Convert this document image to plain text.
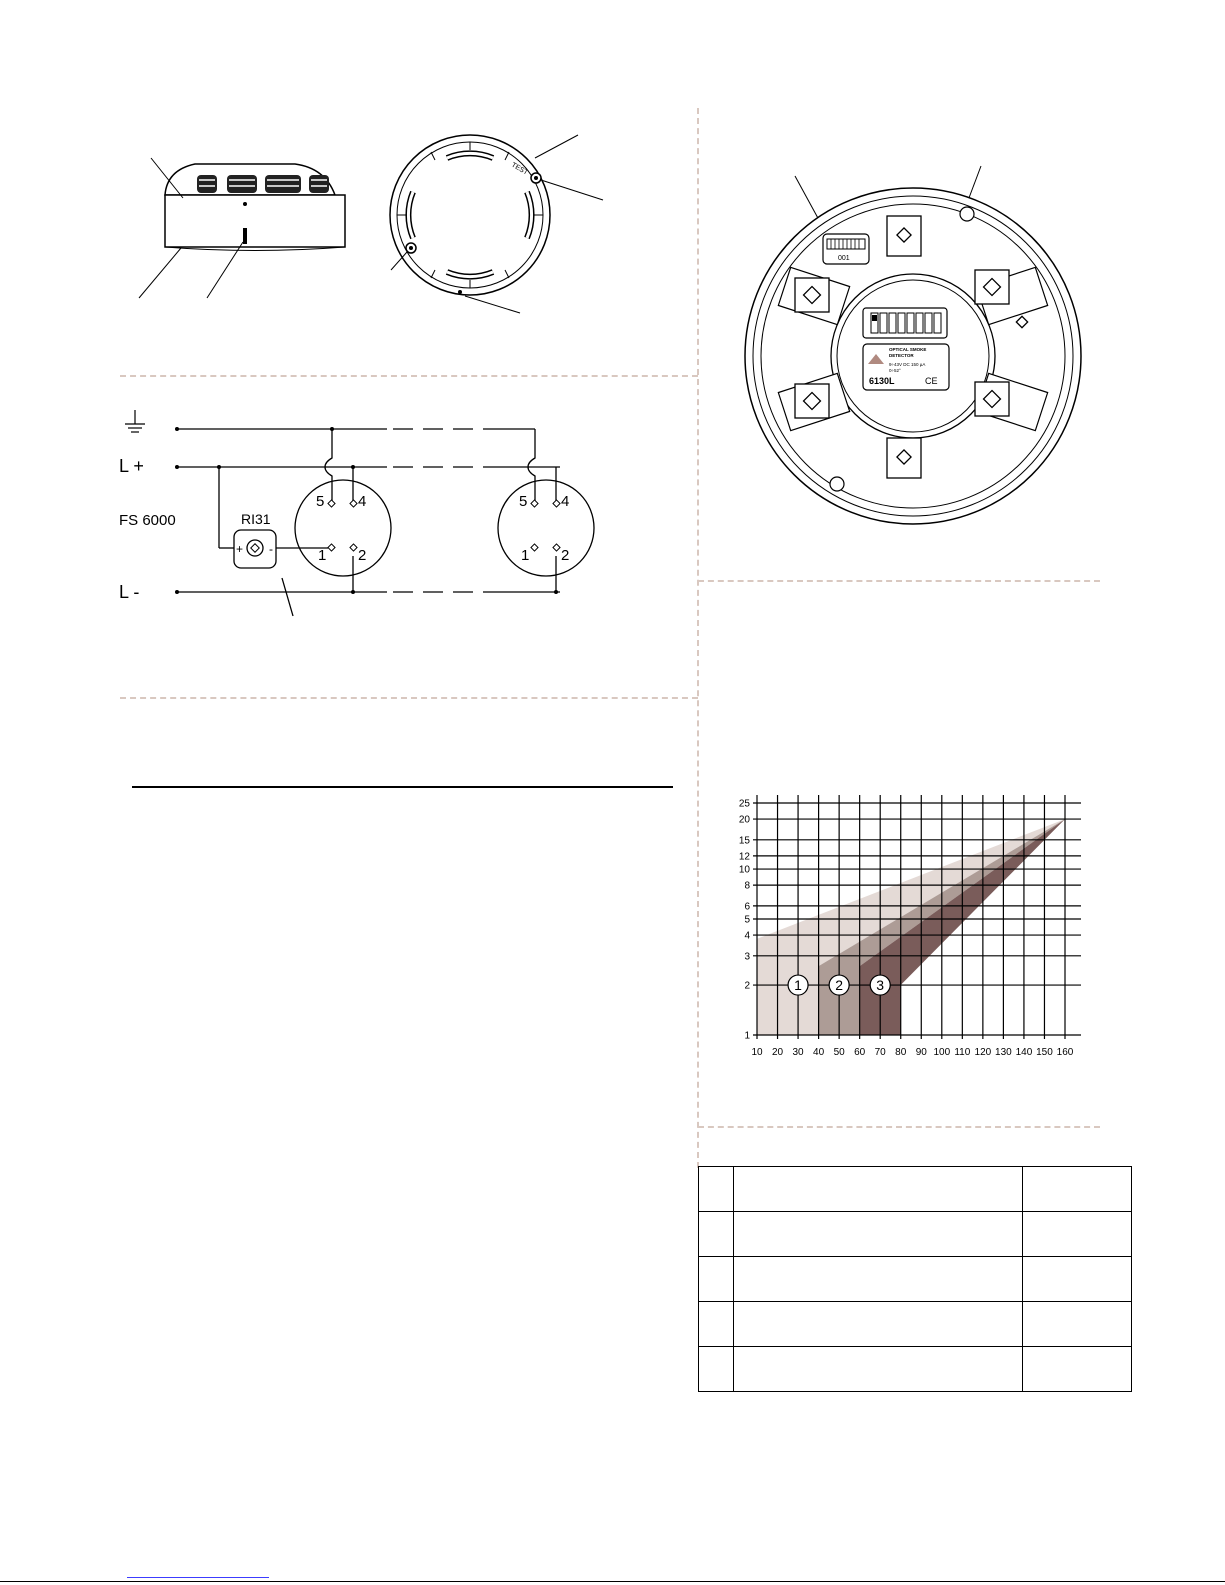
TEST
L +
L -
FS 6000	RI31
+ -
5 4
1 2
5 4
1 2
001
OPTICAL SMOKE
DETECTOR
9÷43V DC 150 µA
0÷52°
6130L	CE
10 20 30 40 50 60 70 80 90 100 110 120 130 140 150 160
1
2
3
4
5
6
8
10
12
15
20
25
1 2 3
